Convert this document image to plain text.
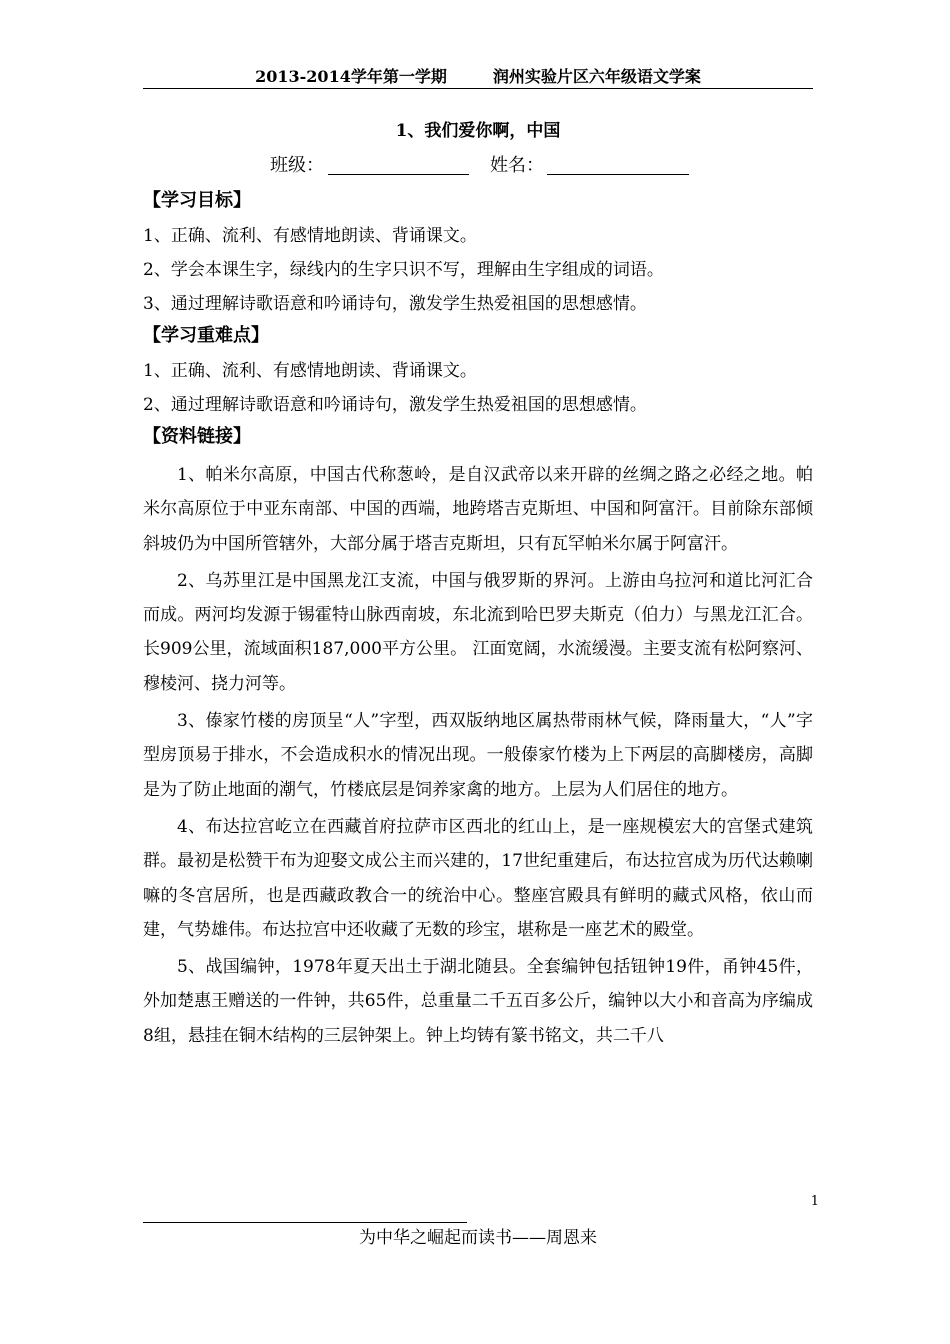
2013-2014学年第一学期	润州实验片区六年级语文学案
1、我们爱你啊，中国
班级：	姓名：
【学习目标】
1、正确、流利、有感情地朗读、背诵课文。
2、学会本课生字，绿线内的生字只识不写，理解由生字组成的词语。
3、通过理解诗歌语意和吟诵诗句，激发学生热爱祖国的思想感情。
【学习重难点】
1、正确、流利、有感情地朗读、背诵课文。
2、通过理解诗歌语意和吟诵诗句，激发学生热爱祖国的思想感情。
【资料链接】

1、帕米尔高原，中国古代称葱岭，是自汉武帝以来开辟的丝绸之路之必经之地。帕米尔高原位于中亚东南部、中国的西端，地跨塔吉克斯坦、中国和阿富汗。目前除东部倾斜坡仍为中国所管辖外，大部分属于塔吉克斯坦，只有瓦罕帕米尔属于阿富汗。

2、乌苏里江是中国黑龙江支流，中国与俄罗斯的界河。上游由乌拉河和道比河汇合而成。两河均发源于锡霍特山脉西南坡，东北流到哈巴罗夫斯克（伯力）与黑龙江汇合。长909公里，流域面积187,000平方公里。 江面宽阔，水流缓漫。主要支流有松阿察河、穆棱河、挠力河等。

3、傣家竹楼的房顶呈“人”字型，西双版纳地区属热带雨林气候，降雨量大，“人”字型房顶易于排水，不会造成积水的情况出现。一般傣家竹楼为上下两层的高脚楼房，高脚是为了防止地面的潮气，竹楼底层是饲养家禽的地方。上层为人们居住的地方。

4、布达拉宫屹立在西藏首府拉萨市区西北的红山上，是一座规模宏大的宫堡式建筑群。最初是松赞干布为迎娶文成公主而兴建的，17世纪重建后，布达拉宫成为历代达赖喇嘛的冬宫居所，也是西藏政教合一的统治中心。整座宫殿具有鲜明的藏式风格，依山而建，气势雄伟。布达拉宫中还收藏了无数的珍宝，堪称是一座艺术的殿堂。

5、战国编钟，1978年夏天出土于湖北随县。全套编钟包括钮钟19件，甬钟45件，外加楚惠王赠送的一件钟，共65件，总重量二千五百多公斤，编钟以大小和音高为序编成8组，悬挂在铜木结构的三层钟架上。钟上均铸有篆书铭文，共二千八

1
为中华之崛起而读书——周恩来
